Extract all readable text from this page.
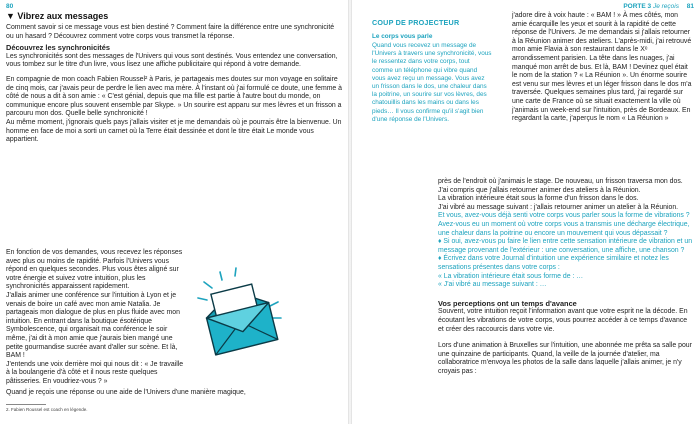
80
▼ Vibrez aux messages

Comment savoir si ce message vous est bien destiné ? Comment faire la différence entre une synchronicité ou un hasard ? Découvrez comment votre corps vous transmet la réponse.

Découvrez les synchronicités

Les synchronicités sont des messages de l'Univers qui vous sont destinés. Vous entendez une conversation, vous tombez sur le titre d'un livre, vous lisez une affiche publicitaire qui répond à votre demande.

En compagnie de mon coach Fabien Roussel² à Paris, je partageais mes doutes sur mon voyage en solitaire de cinq mois, car j'avais peur de perdre le lien avec ma mère. À l'instant où j'ai formulé ce doute, une femme à côté de nous a dit à son amie : « C'est génial, depuis que ma fille est partie à l'autre bout du monde, on communique encore plus souvent ensemble par Skype. » Un sourire est apparu sur mes lèvres et un frisson a parcouru mon dos. Quelle belle synchronicité !

Au même moment, j'ignorais quels pays j'allais visiter et je me demandais où je pourrais être la bienvenue. Un homme en face de moi a sorti un carnet où la Terre était dessinée et dont le titre était Le monde vous appartient.

En fonction de vos demandes, vous recevez les réponses avec plus ou moins de rapidité. Parfois l'Univers vous répond en quelques secondes. Plus vous êtes aligné sur votre énergie et suivez votre intuition, plus les synchronicités apparaissent rapidement.

J'allais animer une conférence sur l'intuition à Lyon et je venais de boire un café avec mon amie Natalia. Je partageais mon dialogue de plus en plus fluide avec mon intuition. En entrant dans la boutique ésotérique Symbolescence, qui organisait ma conférence le soir même, j'ai dit à mon amie que j'aurais bien mangé une petite gourmandise sucrée avant d'aller sur scène. Et là, BAM !

J'entends une voix derrière moi qui nous dit : « Je travaille à la boulangerie d'à côté et il nous reste quelques pâtisseries. En voudriez-vous ? »

Quand je reçois une réponse ou une aide de l'Univers d'une manière magique,
2. Fabien Roussel est coach en légende.
PORTE 3 Je reçois 81
COUP DE PROJECTEUR
Le corps vous parle
Quand vous recevez un message de l'Univers à travers une synchronicité, vous le ressentez dans votre corps, tout comme un téléphone qui vibre quand vous avez reçu un message. Vous avez un frisson dans le dos, une chaleur dans la poitrine, un sourire sur vos lèvres, des chatouillis dans les mains ou dans les pieds… Il vous confirme qu'il s'agit bien d'une réponse de l'Univers.
j'adore dire à voix haute : « BAM ! » À mes côtés, mon amie écarquille les yeux et sourit à la rapidité de cette réponse de l'Univers. Je me demandais si j'allais retourner à la Réunion animer des ateliers. L'après-midi, j'ai retrouvé mon amie Flavia à son restaurant dans le Xᵉ arrondissement parisien. La tête dans les nuages, j'ai manqué mon arrêt de bus. Et là, BAM ! Devinez quel était le nom de la station ? « La Réunion ». Un énorme sourire est venu sur mes lèvres et un léger frisson dans le dos m'a traversée. Quelques semaines plus tard, j'ai regardé sur une carte de France où se situait exactement la ville où j'animais un week-end sur l'intuition, près de Bordeaux. En regardant la carte, j'aperçus le nom « La Réunion »

près de l'endroit où j'animais le stage. De nouveau, un frisson traversa mon dos.

J'ai compris que j'allais retourner animer des ateliers à la Réunion.

La vibration intérieure était sous la forme d'un frisson dans le dos.

J'ai vibré au message suivant : j'allais retourner animer un atelier à la Réunion.

Et vous, avez-vous déjà senti votre corps vous parler sous la forme de vibrations ? Avez-vous eu un moment où votre corps vous a transmis une décharge électrique, une chaleur dans la poitrine ou encore un mouvement qui vous dépassait ?

♦ Si oui, avez-vous pu faire le lien entre cette sensation intérieure de vibration et un message provenant de l'extérieur : une conversation, une affiche, une chanson ?

♦ Écrivez dans votre Journal d'intuition une expérience similaire et notez les sensations présentes dans votre corps :

« La vibration intérieure était sous forme de : …

« J'ai vibré au message suivant : …

Vos perceptions ont un temps d'avance

Souvent, votre intuition reçoit l'information avant que votre esprit ne la décode. En écoutant les vibrations de votre corps, vous pourrez accéder à ce temps d'avance et créer des raccourcis dans votre vie.

Lors d'une animation à Bruxelles sur l'intuition, une abonnée me prêta sa salle pour une quinzaine de participants. Quand, la veille de la journée d'atelier, ma collaboratrice m'envoya les photos de la salle dans laquelle j'allais animer, je n'y croyais pas :
